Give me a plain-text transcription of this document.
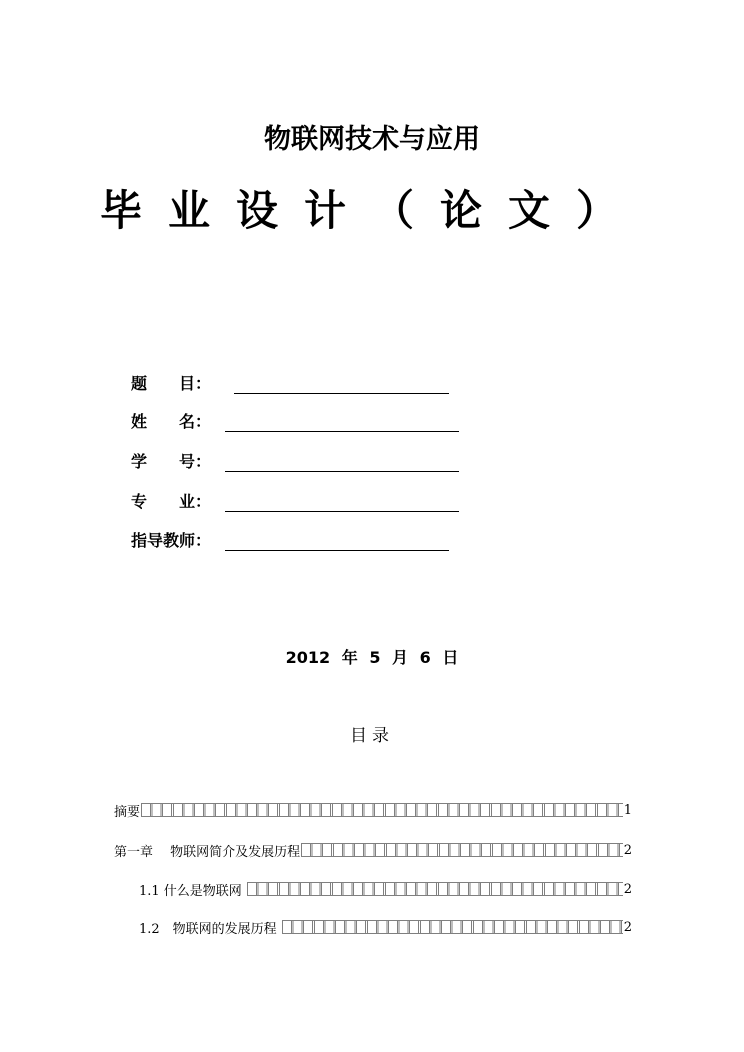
物联网技术与应用
毕业设计（论文）
题　　目：
姓　　名：
学　　号：
专　　业：
指导教师：
2012 年 5 月 6 日
目录
摘要	1
第一章　 物联网简介及发展历程	2
1.1 什么是物联网	2
1.2　物联网的发展历程	2
